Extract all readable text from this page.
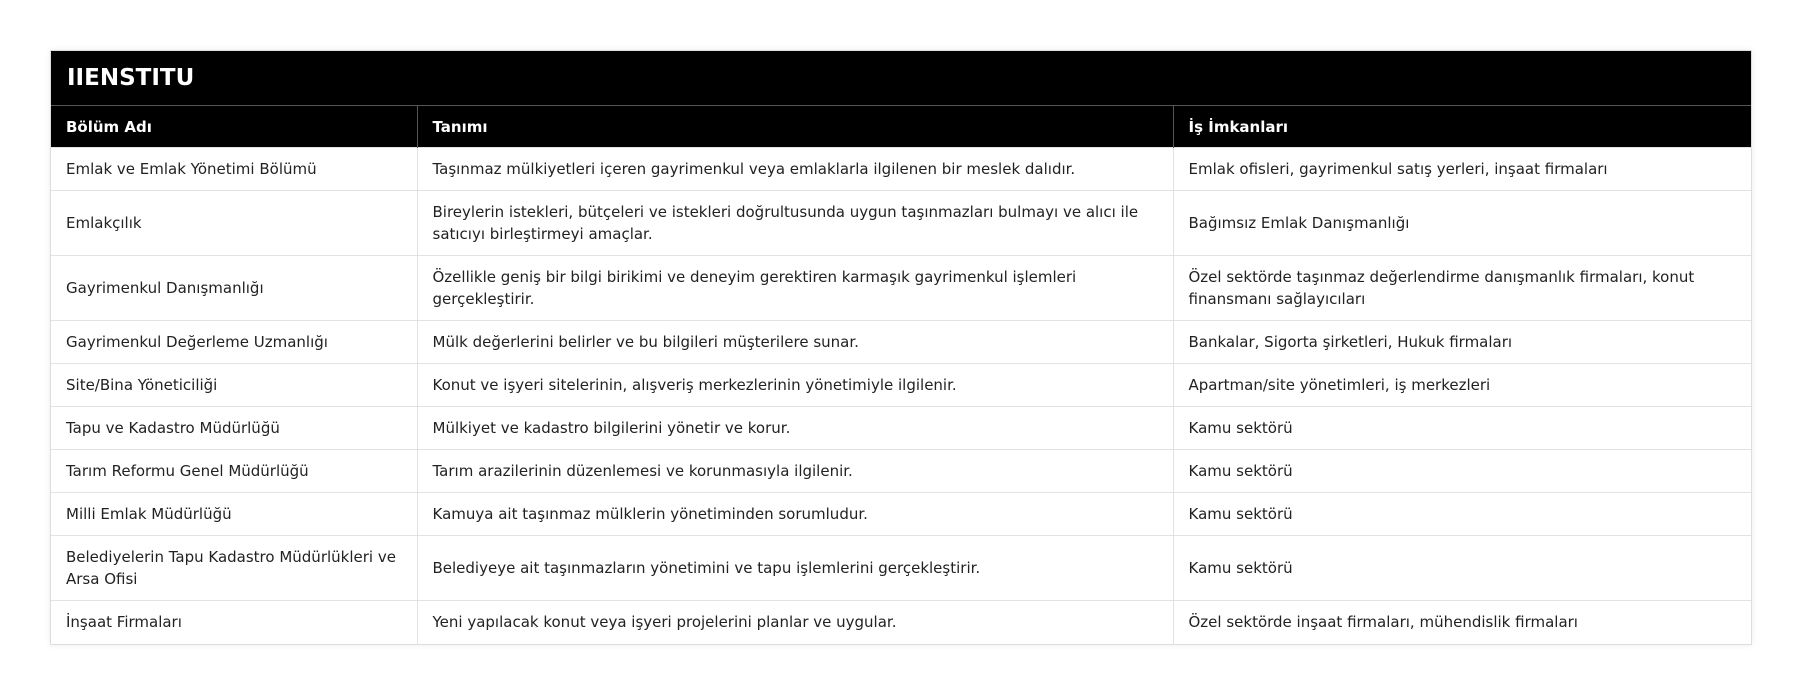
IIENSTITU
Bölüm Adı	Tanımı	İş İmkanları
Emlak ve Emlak Yönetimi Bölümü	Taşınmaz mülkiyetleri içeren gayrimenkul veya emlaklarla ilgilenen bir meslek dalıdır.	Emlak ofisleri, gayrimenkul satış yerleri, inşaat firmaları
Emlakçılık	Bireylerin istekleri, bütçeleri ve istekleri doğrultusunda uygun taşınmazları bulmayı ve alıcı ile satıcıyı birleştirmeyi amaçlar.	Bağımsız Emlak Danışmanlığı
Gayrimenkul Danışmanlığı	Özellikle geniş bir bilgi birikimi ve deneyim gerektiren karmaşık gayrimenkul işlemleri gerçekleştirir.	Özel sektörde taşınmaz değerlendirme danışmanlık firmaları, konut finansmanı sağlayıcıları
Gayrimenkul Değerleme Uzmanlığı	Mülk değerlerini belirler ve bu bilgileri müşterilere sunar.	Bankalar, Sigorta şirketleri, Hukuk firmaları
Site/Bina Yöneticiliği	Konut ve işyeri sitelerinin, alışveriş merkezlerinin yönetimiyle ilgilenir.	Apartman/site yönetimleri, iş merkezleri
Tapu ve Kadastro Müdürlüğü	Mülkiyet ve kadastro bilgilerini yönetir ve korur.	Kamu sektörü
Tarım Reformu Genel Müdürlüğü	Tarım arazilerinin düzenlemesi ve korunmasıyla ilgilenir.	Kamu sektörü
Milli Emlak Müdürlüğü	Kamuya ait taşınmaz mülklerin yönetiminden sorumludur.	Kamu sektörü
Belediyelerin Tapu Kadastro Müdürlükleri ve Arsa Ofisi	Belediyeye ait taşınmazların yönetimini ve tapu işlemlerini gerçekleştirir.	Kamu sektörü
İnşaat Firmaları	Yeni yapılacak konut veya işyeri projelerini planlar ve uygular.	Özel sektörde inşaat firmaları, mühendislik firmaları
